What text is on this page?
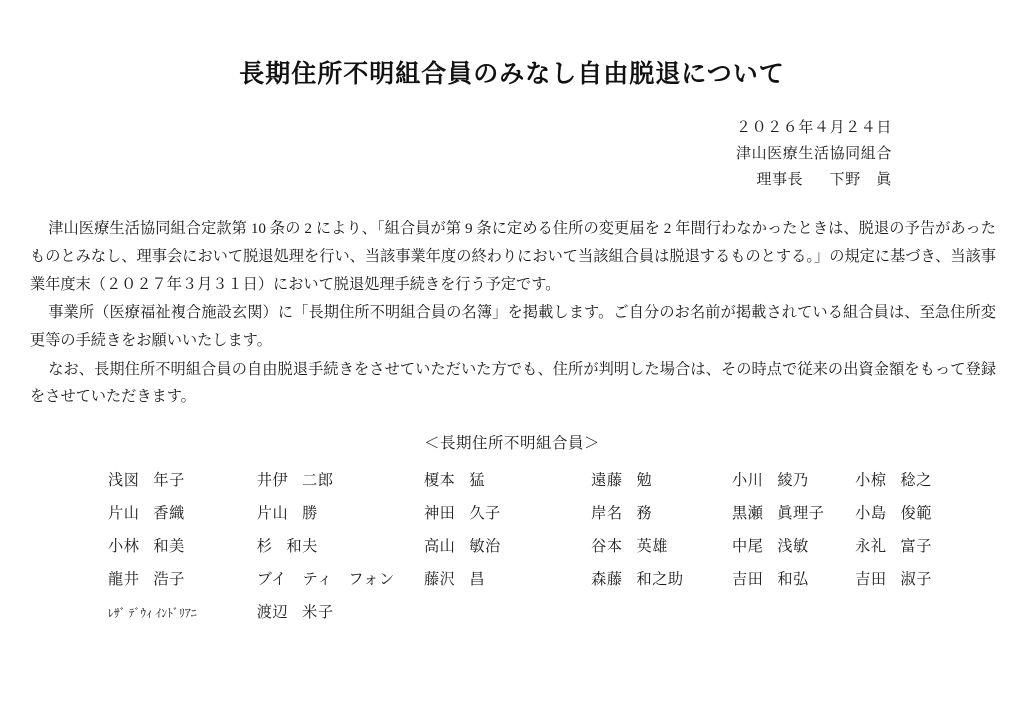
長期住所不明組合員のみなし自由脱退について
２０２６年４月２４日
津山医療生活協同組合
理事長 下野　眞

津山医療生活協同組合定款第 10 条の 2 により、「組合員が第 9 条に定める住所の変更届を 2 年間行わなかったときは、脱退の予告があったものとみなし、理事会において脱退処理を行い、当該事業年度の終わりにおいて当該組合員は脱退するものとする。」の規定に基づき、当該事業年度末（２０２７年３月３１日）において脱退処理手続きを行う予定です。

事業所（医療福祉複合施設玄関）に「長期住所不明組合員の名簿」を掲載します。ご自分のお名前が掲載されている組合員は、至急住所変更等の手続きをお願いいたします。

なお、長期住所不明組合員の自由脱退手続きをさせていただいた方でも、住所が判明した場合は、その時点で従来の出資金額をもって登録をさせていただきます。

＜長期住所不明組合員＞
浅図 年子	井伊 二郎	榎本 猛	遠藤 勉	小川 綾乃	小椋 稔之
片山 香織	片山 勝	神田 久子	岸名 務	黒瀬 眞理子	小島 俊範
小林 和美	杉 和夫	高山 敏治	谷本 英雄	中尾 浅敏	永礼 富子
龍井 浩子	ブイ　ティ　フォン	藤沢 昌	森藤 和之助	吉田 和弘	吉田 淑子
ﾚｻﾞ ﾃﾞｳｨ ｲﾝﾄﾞﾘｱﾆ	渡辺 米子				
